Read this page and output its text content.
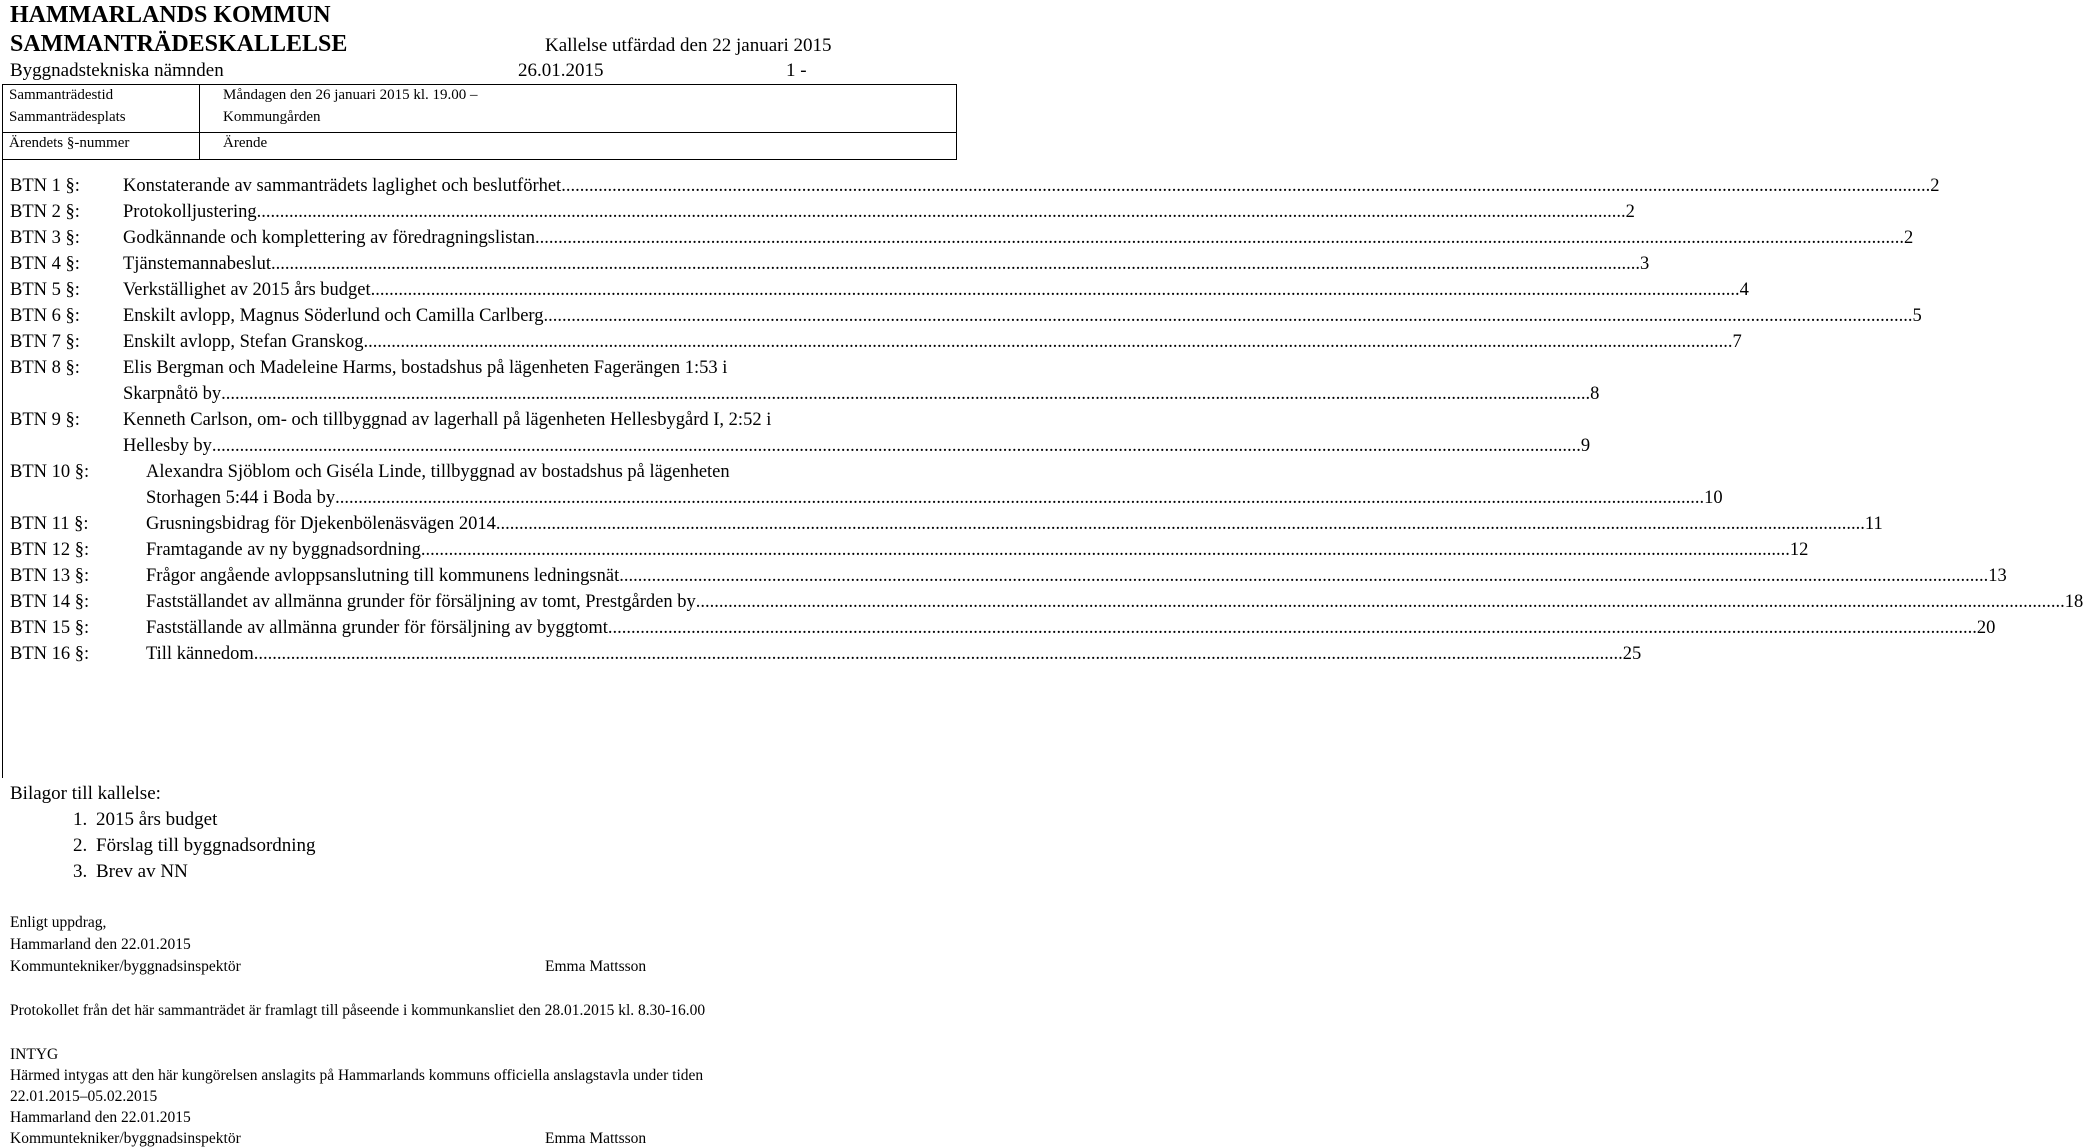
HAMMARLANDS KOMMUN
SAMMANTRÄDESKALLELSE	Kallelse utfärdad den 22 januari 2015
Byggnadstekniska nämnden	26.01.2015	1 -
Sammanträdestid	Måndagen den 26 januari 2015 kl. 19.00 –
Sammanträdesplats	Kommungården
Ärendets §-nummer	Ärende
BTN 1 §: Konstaterande av sammanträdets laglighet och beslutförhet .....	2
BTN 2 §: Protokolljustering .....	2
BTN 3 §: Godkännande och komplettering av föredragningslistan .....	2
BTN 4 §: Tjänstemannabeslut .....	3
BTN 5 §: Verkställighet av 2015 års budget .....	4
BTN 6 §: Enskilt avlopp, Magnus Söderlund och Camilla Carlberg .....	5
BTN 7 §: Enskilt avlopp, Stefan Granskog .....	7
BTN 8 §: Elis Bergman och Madeleine Harms, bostadshus på lägenheten Fagerängen 1:53 i
Skarpnåtö by .....	8
BTN 9 §: Kenneth Carlson, om- och tillbyggnad av lagerhall på lägenheten Hellesbygård I, 2:52 i
Hellesby by .....	9
BTN 10 §:	Alexandra Sjöblom och Giséla Linde, tillbyggnad av bostadshus på lägenheten
Storhagen 5:44 i Boda by .....	10
BTN 11 §:	Grusningsbidrag för Djekenbölenäsvägen 2014 .....	11
BTN 12 §:	Framtagande av ny byggnadsordning .....	12
BTN 13 §:	Frågor angående avloppsanslutning till kommunens ledningsnät .....	13
BTN 14 §:	Fastställandet av allmänna grunder för försäljning av tomt, Prestgården by .....	18
BTN 15 §:	Fastställande av allmänna grunder för försäljning av byggtomt .....	20
BTN 16 §:	Till kännedom .....	25
Bilagor till kallelse:
1. 2015 års budget
2. Förslag till byggnadsordning
3. Brev av NN
Enligt uppdrag,
Hammarland den 22.01.2015
Kommuntekniker/byggnadsinspektör	Emma Mattsson
Protokollet från det här sammanträdet är framlagt till påseende i kommunkansliet den 28.01.2015 kl. 8.30-16.00
INTYG
Härmed intygas att den här kungörelsen anslagits på Hammarlands kommuns officiella anslagstavla under tiden
22.01.2015–05.02.2015
Hammarland den 22.01.2015
Kommuntekniker/byggnadsinspektör	Emma Mattsson
